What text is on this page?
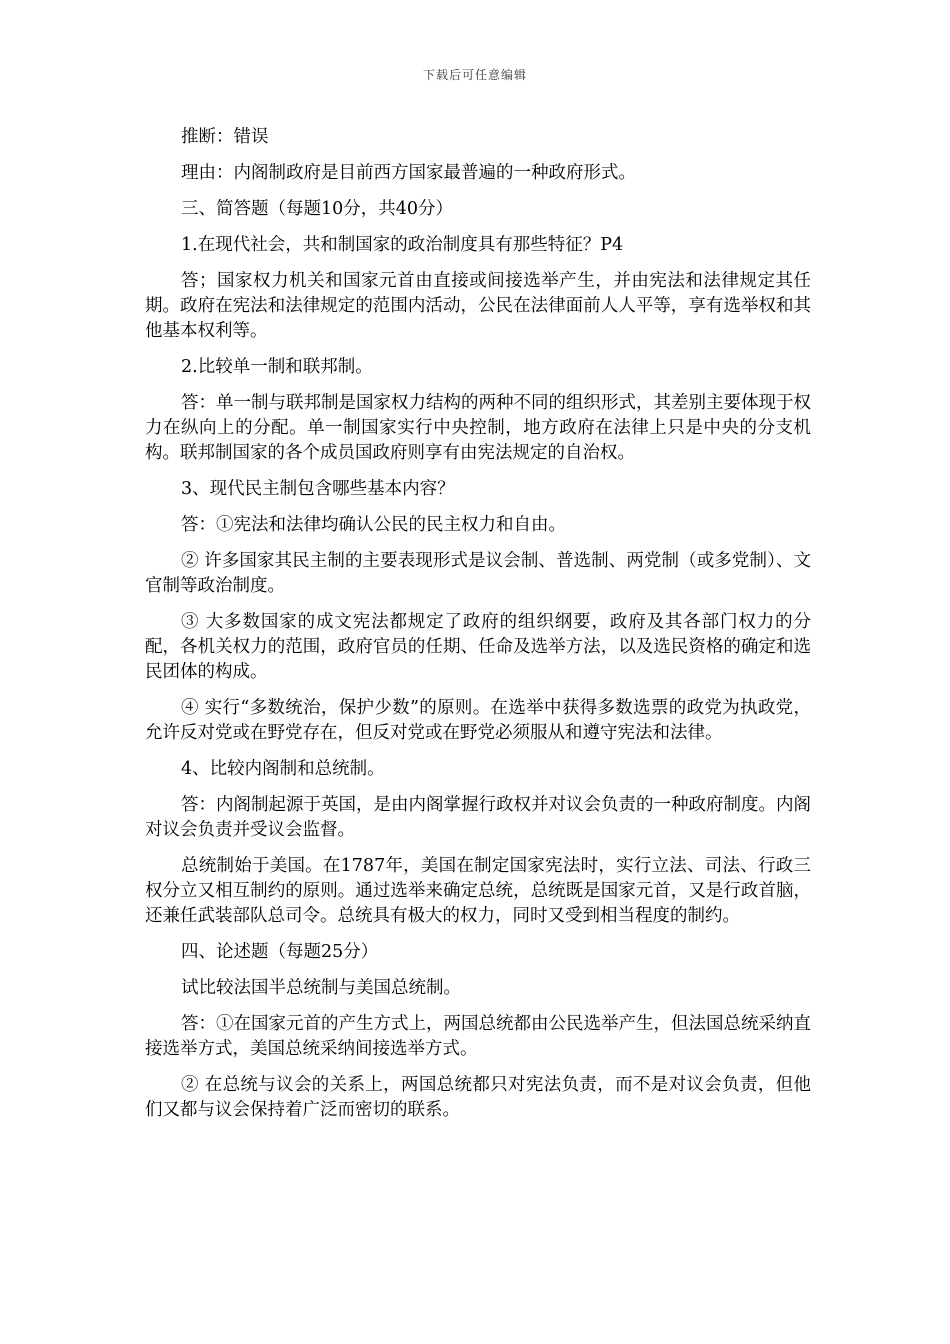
下载后可任意编辑

推断：错误

理由：内阁制政府是目前西方国家最普遍的一种政府形式。

三、简答题（每题10分，共40分）

1.在现代社会，共和制国家的政治制度具有那些特征？P4

答；国家权力机关和国家元首由直接或间接选举产生，并由宪法和法律规定其任期。政府在宪法和法律规定的范围内活动，公民在法律面前人人平等，享有选举权和其他基本权利等。

2.比较单一制和联邦制。

答：单一制与联邦制是国家权力结构的两种不同的组织形式，其差别主要体现于权力在纵向上的分配。单一制国家实行中央控制，地方政府在法律上只是中央的分支机构。联邦制国家的各个成员国政府则享有由宪法规定的自治权。

3、现代民主制包含哪些基本内容？

答：①宪法和法律均确认公民的民主权力和自由。

② 许多国家其民主制的主要表现形式是议会制、普选制、两党制（或多党制）、文官制等政治制度。

③ 大多数国家的成文宪法都规定了政府的组织纲要，政府及其各部门权力的分配，各机关权力的范围，政府官员的任期、任命及选举方法，以及选民资格的确定和选民团体的构成。

④ 实行“多数统治，保护少数”的原则。在选举中获得多数选票的政党为执政党，允许反对党或在野党存在，但反对党或在野党必须服从和遵守宪法和法律。

4、比较内阁制和总统制。

答：内阁制起源于英国，是由内阁掌握行政权并对议会负责的一种政府制度。内阁对议会负责并受议会监督。

总统制始于美国。在1787年，美国在制定国家宪法时，实行立法、司法、行政三权分立又相互制约的原则。通过选举来确定总统，总统既是国家元首，又是行政首脑，还兼任武装部队总司令。总统具有极大的权力，同时又受到相当程度的制约。

四、论述题（每题25分）

试比较法国半总统制与美国总统制。

答：①在国家元首的产生方式上，两国总统都由公民选举产生，但法国总统采纳直接选举方式，美国总统采纳间接选举方式。

② 在总统与议会的关系上，两国总统都只对宪法负责，而不是对议会负责，但他们又都与议会保持着广泛而密切的联系。
